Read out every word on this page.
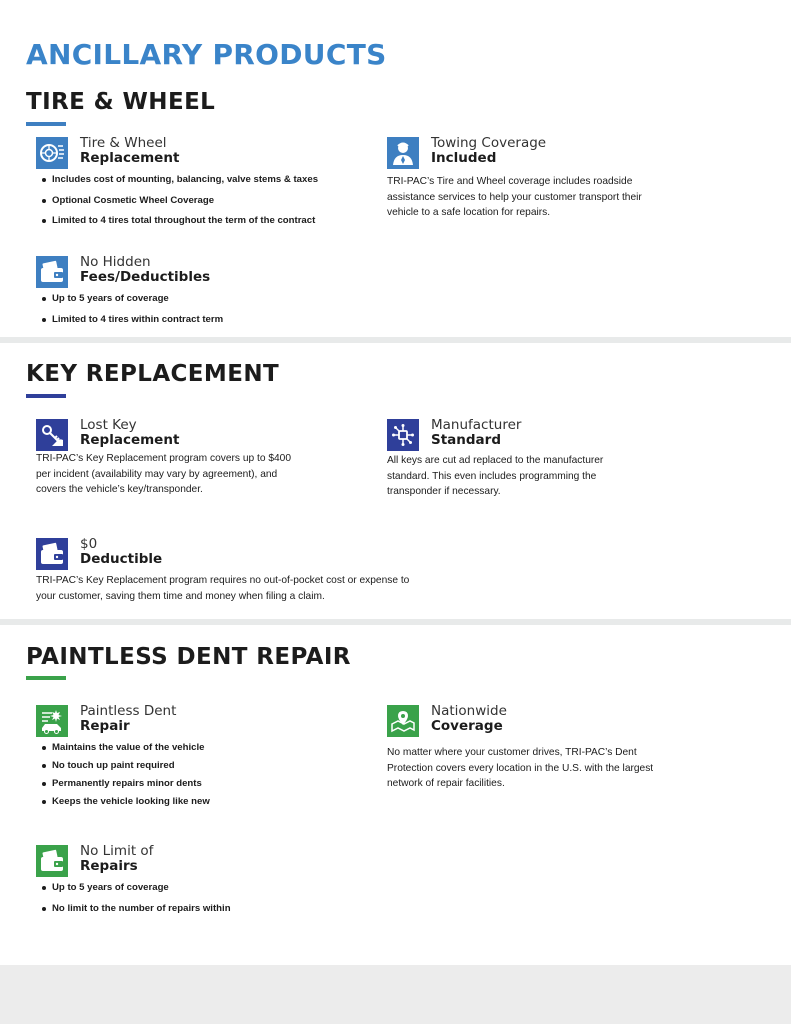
ANCILLARY PRODUCTS
TIRE & WHEEL
Tire & Wheel
Replacement
Includes cost of mounting, balancing, valve stems & taxes
Optional Cosmetic Wheel Coverage
Limited to 4 tires total throughout the term of the contract
Towing Coverage
Included

TRI-PAC’s Tire and Wheel coverage includes roadside assistance services to help your customer transport their vehicle to a safe location for repairs.

No Hidden
Fees/Deductibles
Up to 5 years of coverage
Limited to 4 tires within contract term
KEY REPLACEMENT
Lost Key
Replacement

TRI-PAC’s Key Replacement program covers up to $400 per incident (availability may vary by agreement), and covers the vehicle’s key/transponder.

Manufacturer
Standard

All keys are cut ad replaced to the manufacturer standard. This even includes programming the transponder if necessary.

$0
Deductible

TRI-PAC’s Key Replacement program requires no out-of-pocket cost or expense to your customer, saving them time and money when filing a claim.

PAINTLESS DENT REPAIR
Paintless Dent
Repair
Maintains the value of the vehicle
No touch up paint required
Permanently repairs minor dents
Keeps the vehicle looking like new
Nationwide
Coverage

No matter where your customer drives, TRI-PAC’s Dent Protection covers every location in the U.S. with the largest network of repair facilities.

No Limit of
Repairs
Up to 5 years of coverage
No limit to the number of repairs within
